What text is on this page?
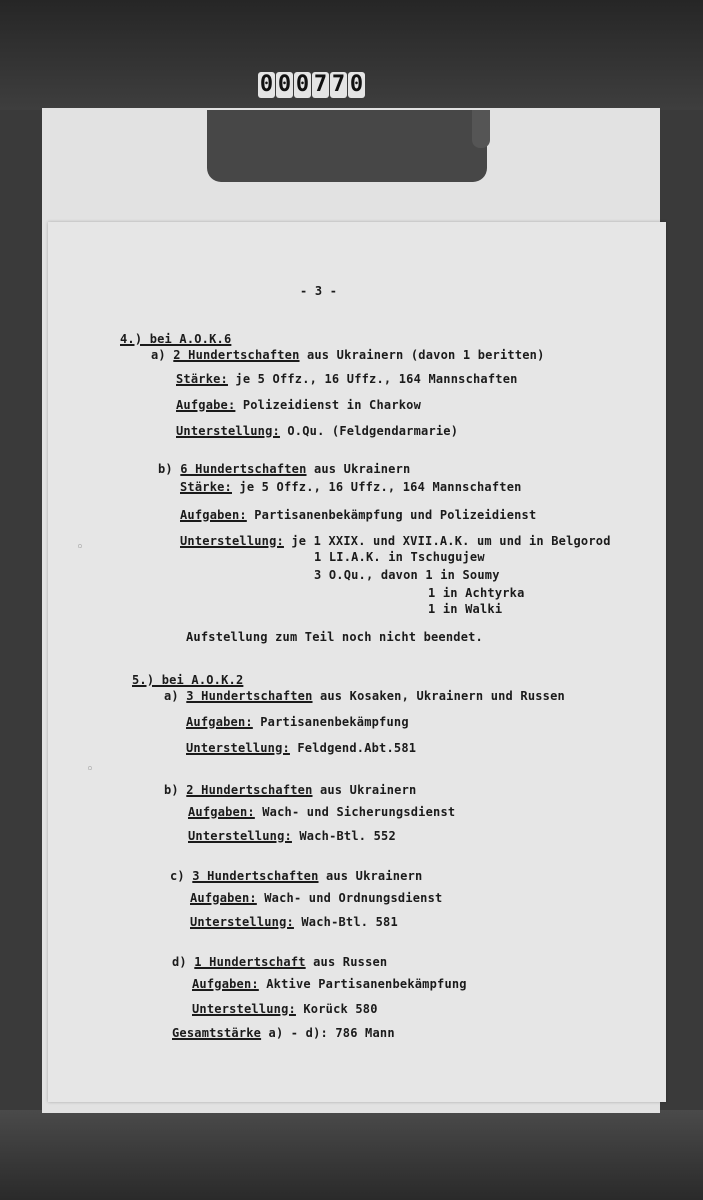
0 0 0 7 7 0
- 3 -
4.) bei A.O.K.6
a) 2 Hundertschaften aus Ukrainern (davon 1 beritten)
Stärke: je 5 Offz., 16 Uffz., 164 Mannschaften
Aufgabe: Polizeidienst in Charkow
Unterstellung: O.Qu. (Feldgendarmarie)
b) 6 Hundertschaften aus Ukrainern
Stärke: je 5 Offz., 16 Uffz., 164 Mannschaften
Aufgaben: Partisanenbekämpfung und Polizeidienst
Unterstellung: je 1 XXIX. und XVII.A.K. um und in Belgorod
1 LI.A.K. in Tschugujew
3 O.Qu., davon 1 in Soumy
1 in Achtyrka
1 in Walki
Aufstellung zum Teil noch nicht beendet.
5.) bei A.O.K.2
a) 3 Hundertschaften aus Kosaken, Ukrainern und Russen
Aufgaben: Partisanenbekämpfung
Unterstellung: Feldgend.Abt.581
b) 2 Hundertschaften aus Ukrainern
Aufgaben: Wach- und Sicherungsdienst
Unterstellung: Wach-Btl. 552
c) 3 Hundertschaften aus Ukrainern
Aufgaben: Wach- und Ordnungsdienst
Unterstellung: Wach-Btl. 581
d) 1 Hundertschaft aus Russen
Aufgaben: Aktive Partisanenbekämpfung
Unterstellung: Korück 580
Gesamtstärke a) - d): 786 Mann
◦
◦
